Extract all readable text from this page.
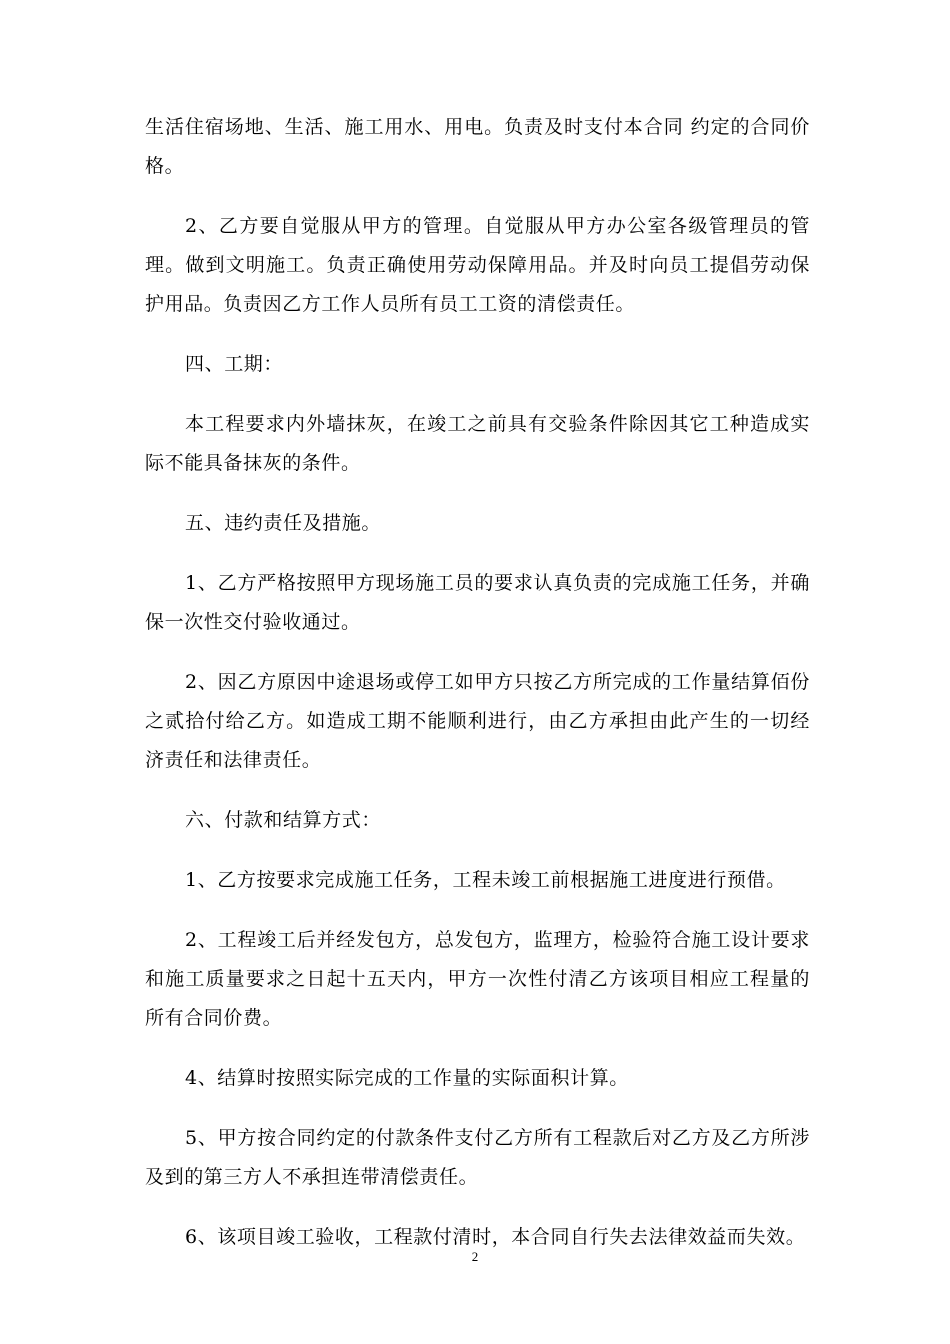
生活住宿场地、生活、施工用水、用电。负责及时支付本合同 约定的合同价格。

2、乙方要自觉服从甲方的管理。自觉服从甲方办公室各级管理员的管理。做到文明施工。负责正确使用劳动保障用品。并及时向员工提倡劳动保护用品。负责因乙方工作人员所有员工工资的清偿责任。

四、工期：

本工程要求内外墙抹灰，在竣工之前具有交验条件除因其它工种造成实际不能具备抹灰的条件。

五、违约责任及措施。

1、乙方严格按照甲方现场施工员的要求认真负责的完成施工任务，并确保一次性交付验收通过。

2、因乙方原因中途退场或停工如甲方只按乙方所完成的工作量结算佰份之贰拾付给乙方。如造成工期不能顺利进行，由乙方承担由此产生的一切经济责任和法律责任。

六、付款和结算方式：

1、乙方按要求完成施工任务，工程未竣工前根据施工进度进行预借。

2、工程竣工后并经发包方，总发包方，监理方，检验符合施工设计要求和施工质量要求之日起十五天内，甲方一次性付清乙方该项目相应工程量的所有合同价费。

4、结算时按照实际完成的工作量的实际面积计算。

5、甲方按合同约定的付款条件支付乙方所有工程款后对乙方及乙方所涉及到的第三方人不承担连带清偿责任。

6、该项目竣工验收，工程款付清时，本合同自行失去法律效益而失效。

2
